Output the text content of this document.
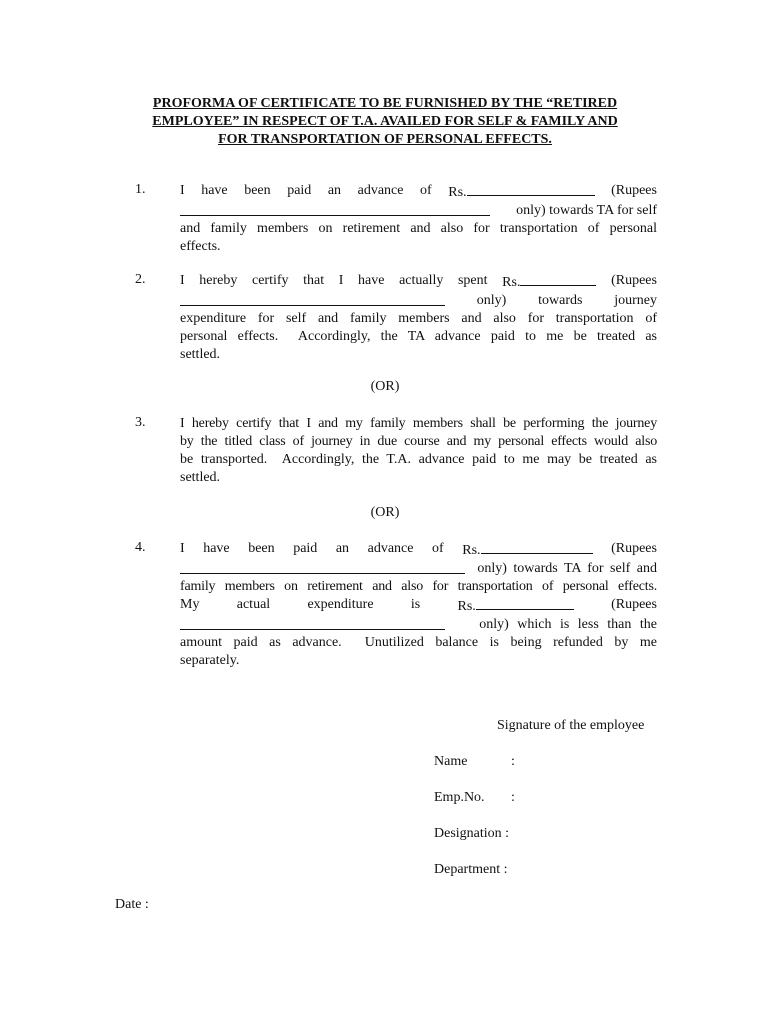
PROFORMA OF CERTIFICATE TO BE FURNISHED BY THE “RETIRED
EMPLOYEE” IN RESPECT OF T.A. AVAILED FOR SELF & FAMILY AND
FOR TRANSPORTATION OF PERSONAL EFFECTS.
1. I have been paid an advance of Rs.	(Rupees
only) towards TA for self
and family members on retirement and also for transportation of personal
effects.
2. I hereby certify that I have actually spent Rs.	(Rupees
only) towards journey
expenditure for self and family members and also for transportation of
personal effects.  Accordingly, the TA advance paid to me be treated as
settled.
(OR)
3. I hereby certify that I and my family members shall be performing the journey
by the titled class of journey in due course and my personal effects would also
be transported.  Accordingly, the T.A. advance paid to me may be treated as
settled.
(OR)
4. I have been paid an advance of Rs.	(Rupees
only) towards TA for self and
family members on retirement and also for transportation of personal effects.
My	actual	expenditure	is	Rs.	(Rupees
only) which is less than the
amount paid as advance.  Unutilized balance is being refunded by me
separately.
Signature of the employee
Name	:
Emp.No. :
Designation :
Department :
Date :
